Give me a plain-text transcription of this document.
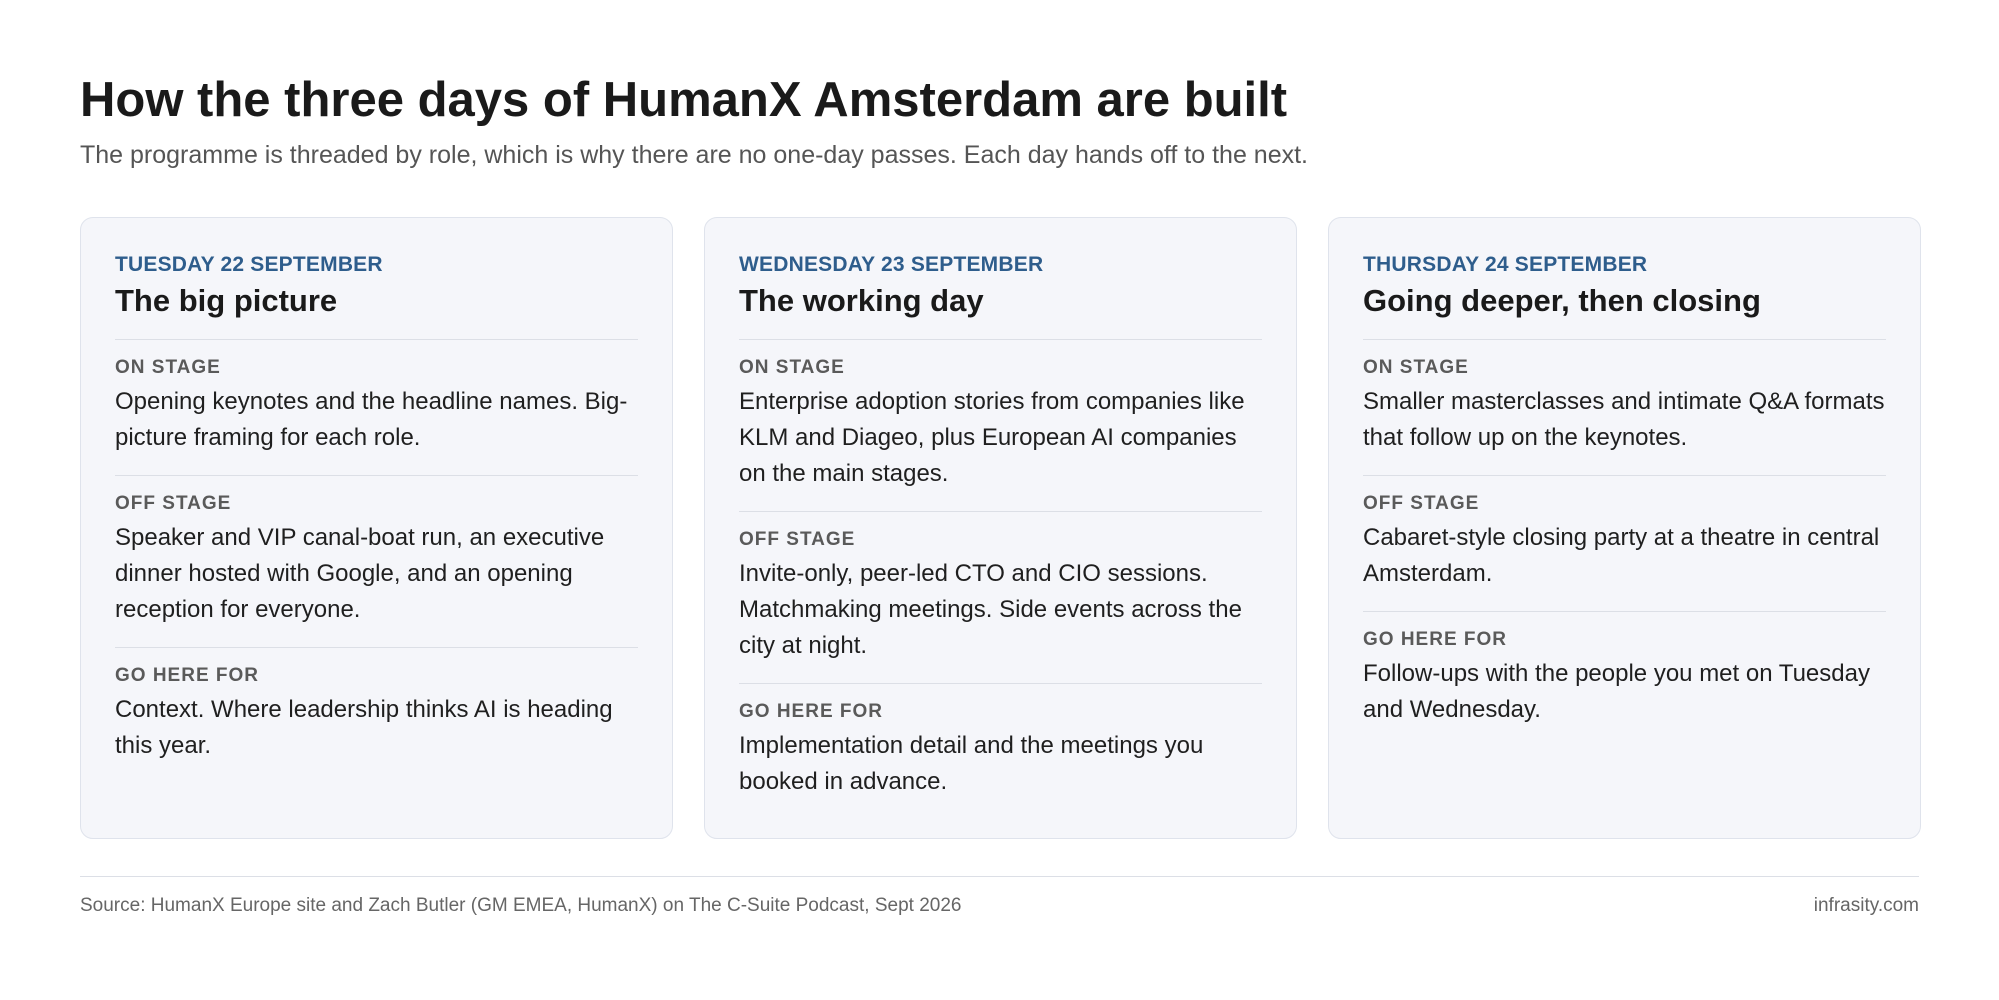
How the three days of HumanX Amsterdam are built

The programme is threaded by role, which is why there are no one-day passes. Each day hands off to the next.

TUESDAY 22 SEPTEMBER
The big picture
ON STAGE
Opening keynotes and the headline names. Big-picture framing for each role.
OFF STAGE
Speaker and VIP canal-boat run, an executive dinner hosted with Google, and an opening reception for everyone.
GO HERE FOR
Context. Where leadership thinks AI is heading this year.
WEDNESDAY 23 SEPTEMBER
The working day
ON STAGE
Enterprise adoption stories from companies like KLM and Diageo, plus European AI companies on the main stages.
OFF STAGE
Invite-only, peer-led CTO and CIO sessions. Matchmaking meetings. Side events across the city at night.
GO HERE FOR
Implementation detail and the meetings you booked in advance.
THURSDAY 24 SEPTEMBER
Going deeper, then closing
ON STAGE
Smaller masterclasses and intimate Q&A formats that follow up on the keynotes.
OFF STAGE
Cabaret-style closing party at a theatre in central Amsterdam.
GO HERE FOR
Follow-ups with the people you met on Tuesday and Wednesday.
Source: HumanX Europe site and Zach Butler (GM EMEA, HumanX) on The C-Suite Podcast, Sept 2026	infrasity.com
